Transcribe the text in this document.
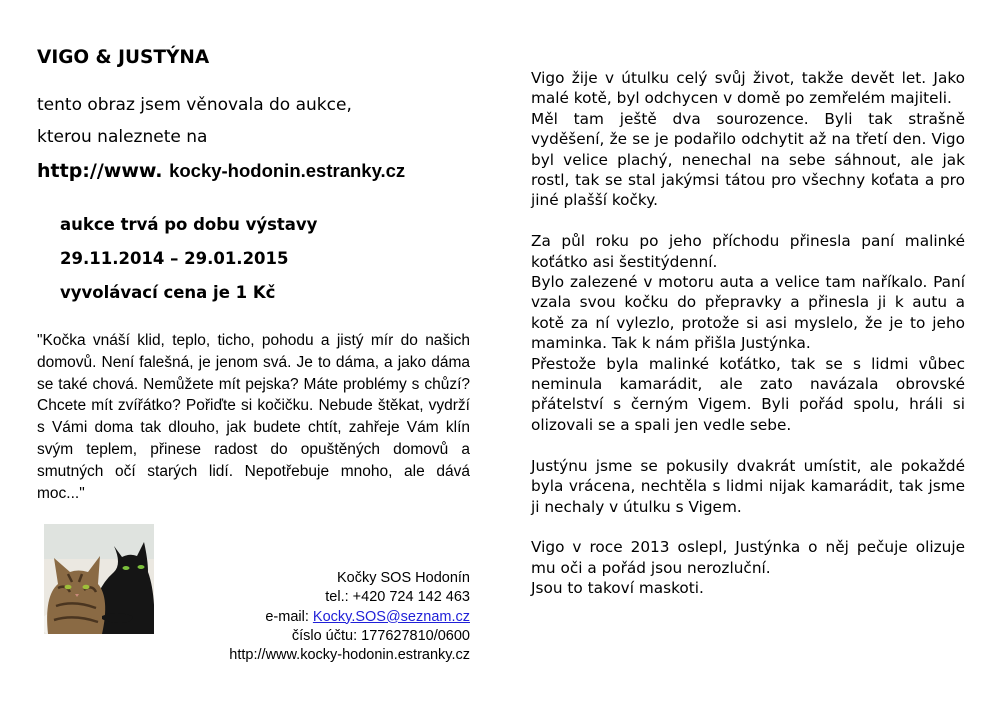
VIGO & JUSTÝNA
tento obraz jsem věnovala do aukce,
kterou naleznete na
http://www. kocky-hodonin.estranky.cz
aukce trvá po dobu výstavy
29.11.2014 – 29.01.2015
vyvolávací cena je 1 Kč
"Kočka vnáší klid, teplo, ticho, pohodu a jistý mír do našich domovů. Není falešná, je jenom svá. Je to dáma, a jako dáma se také chová. Nemůžete mít pejska? Máte problémy s chůzí? Chcete mít zvířátko? Pořiďte si kočičku. Nebude štěkat, vydrží s Vámi doma tak dlouho, jak budete chtít, zahřeje Vám klín svým teplem, přinese radost do opuštěných domovů a smutných očí starých lidí. Nepotřebuje mnoho, ale dává moc..."
Kočky SOS Hodonín
tel.: +420 724 142 463
e-mail: Kocky.SOS@seznam.cz
číslo účtu: 177627810/0600
http://www.kocky-hodonin.estranky.cz

Vigo žije v útulku celý svůj život, takže devět let. Jako malé kotě, byl odchycen v domě po zemřelém majiteli.

Měl tam ještě dva sourozence. Byli tak strašně vyděšení, že se je podařilo odchytit až na třetí den. Vigo byl velice plachý, nenechal na sebe sáhnout, ale jak rostl, tak se stal jakýmsi tátou pro všechny koťata a pro jiné plašší kočky.

Za půl roku po jeho příchodu přinesla paní malinké koťátko asi šestitýdenní.

Bylo zalezené v motoru auta a velice tam naříkalo. Paní vzala svou kočku do přepravky a přinesla ji k autu a kotě za ní vylezlo, protože si asi myslelo, že je to jeho maminka. Tak k nám přišla Justýnka.

Přestože byla malinké koťátko, tak se s lidmi vůbec neminula kamarádit, ale zato navázala obrovské přátelství s černým Vigem. Byli pořád spolu, hráli si olizovali se a spali jen vedle sebe.

Justýnu jsme se pokusily dvakrát umístit, ale pokaždé byla vrácena, nechtěla s lidmi nijak kamarádit, tak jsme ji nechaly v útulku s Vigem.

Vigo v roce 2013 oslepl, Justýnka o něj pečuje olizuje mu oči a pořád jsou nerozluční.

Jsou to takoví maskoti.
